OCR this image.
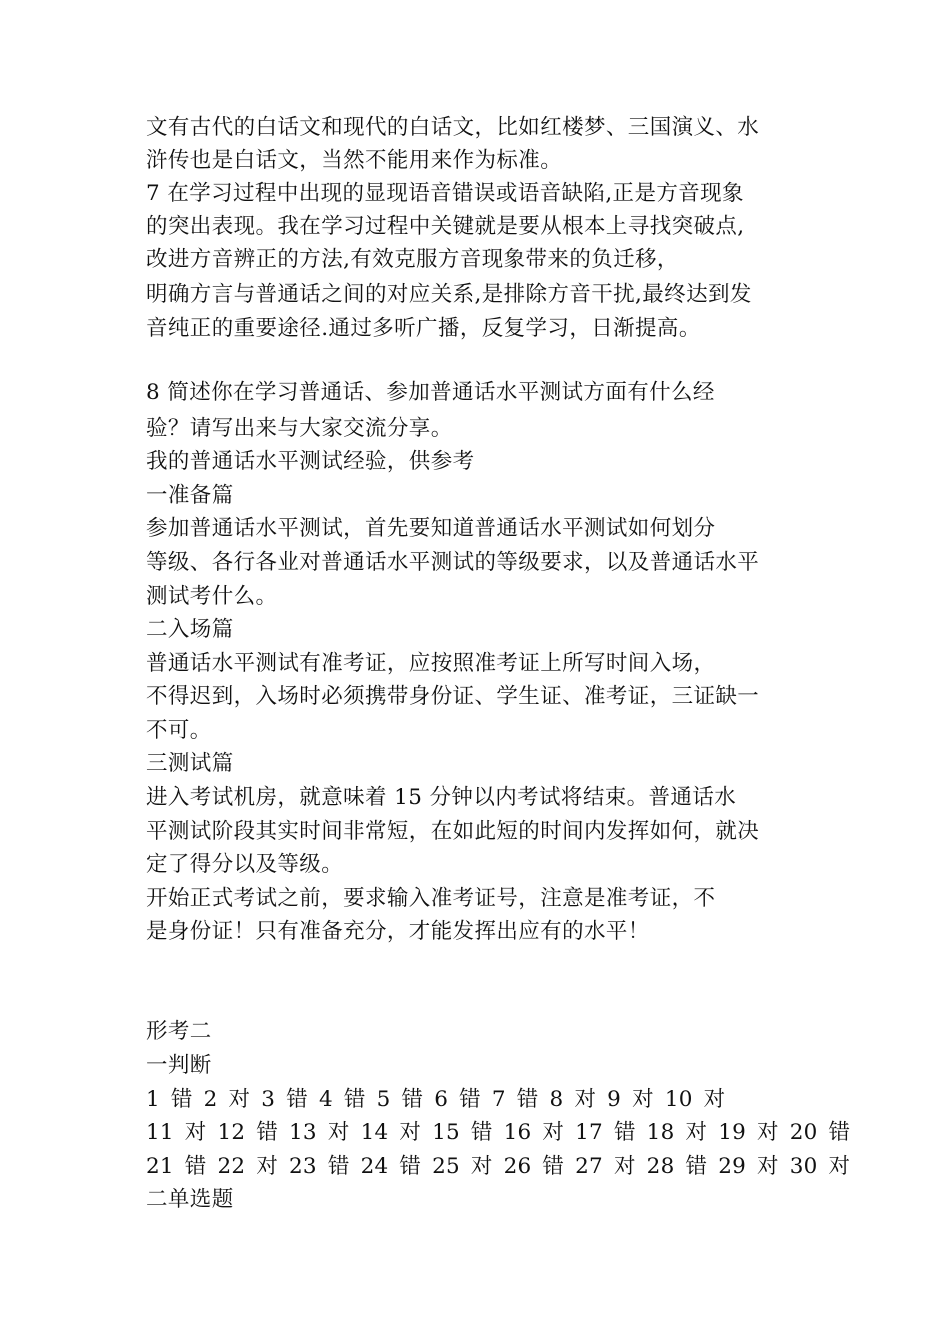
文有古代的白话文和现代的白话文，比如红楼梦、三国演义、水
浒传也是白话文，当然不能用来作为标准。
7 在学习过程中出现的显现语音错误或语音缺陷,正是方音现象
的突出表现。我在学习过程中关键就是要从根本上寻找突破点,
改进方音辨正的方法,有效克服方音现象带来的负迁移，
明确方言与普通话之间的对应关系,是排除方音干扰,最终达到发
音纯正的重要途径.通过多听广播，反复学习，日渐提高。
8 简述你在学习普通话、参加普通话水平测试方面有什么经
验？请写出来与大家交流分享。
我的普通话水平测试经验，供参考
一准备篇
参加普通话水平测试，首先要知道普通话水平测试如何划分
等级、各行各业对普通话水平测试的等级要求，以及普通话水平
测试考什么。
二入场篇
普通话水平测试有准考证，应按照准考证上所写时间入场，
不得迟到，入场时必须携带身份证、学生证、准考证，三证缺一
不可。
三测试篇
进入考试机房，就意味着 15 分钟以内考试将结束。普通话水
平测试阶段其实时间非常短，在如此短的时间内发挥如何，就决
定了得分以及等级。
开始正式考试之前，要求输入准考证号，注意是准考证，不
是身份证！只有准备充分，才能发挥出应有的水平！
形考二
一判断
1 错 2 对 3 错 4 错 5 错 6 错 7 错 8 对 9 对 10 对
11 对 12 错 13 对 14 对 15 错 16 对 17 错 18 对 19 对 20 错
21 错 22 对 23 错 24 错 25 对 26 错 27 对 28 错 29 对 30 对
二单选题
